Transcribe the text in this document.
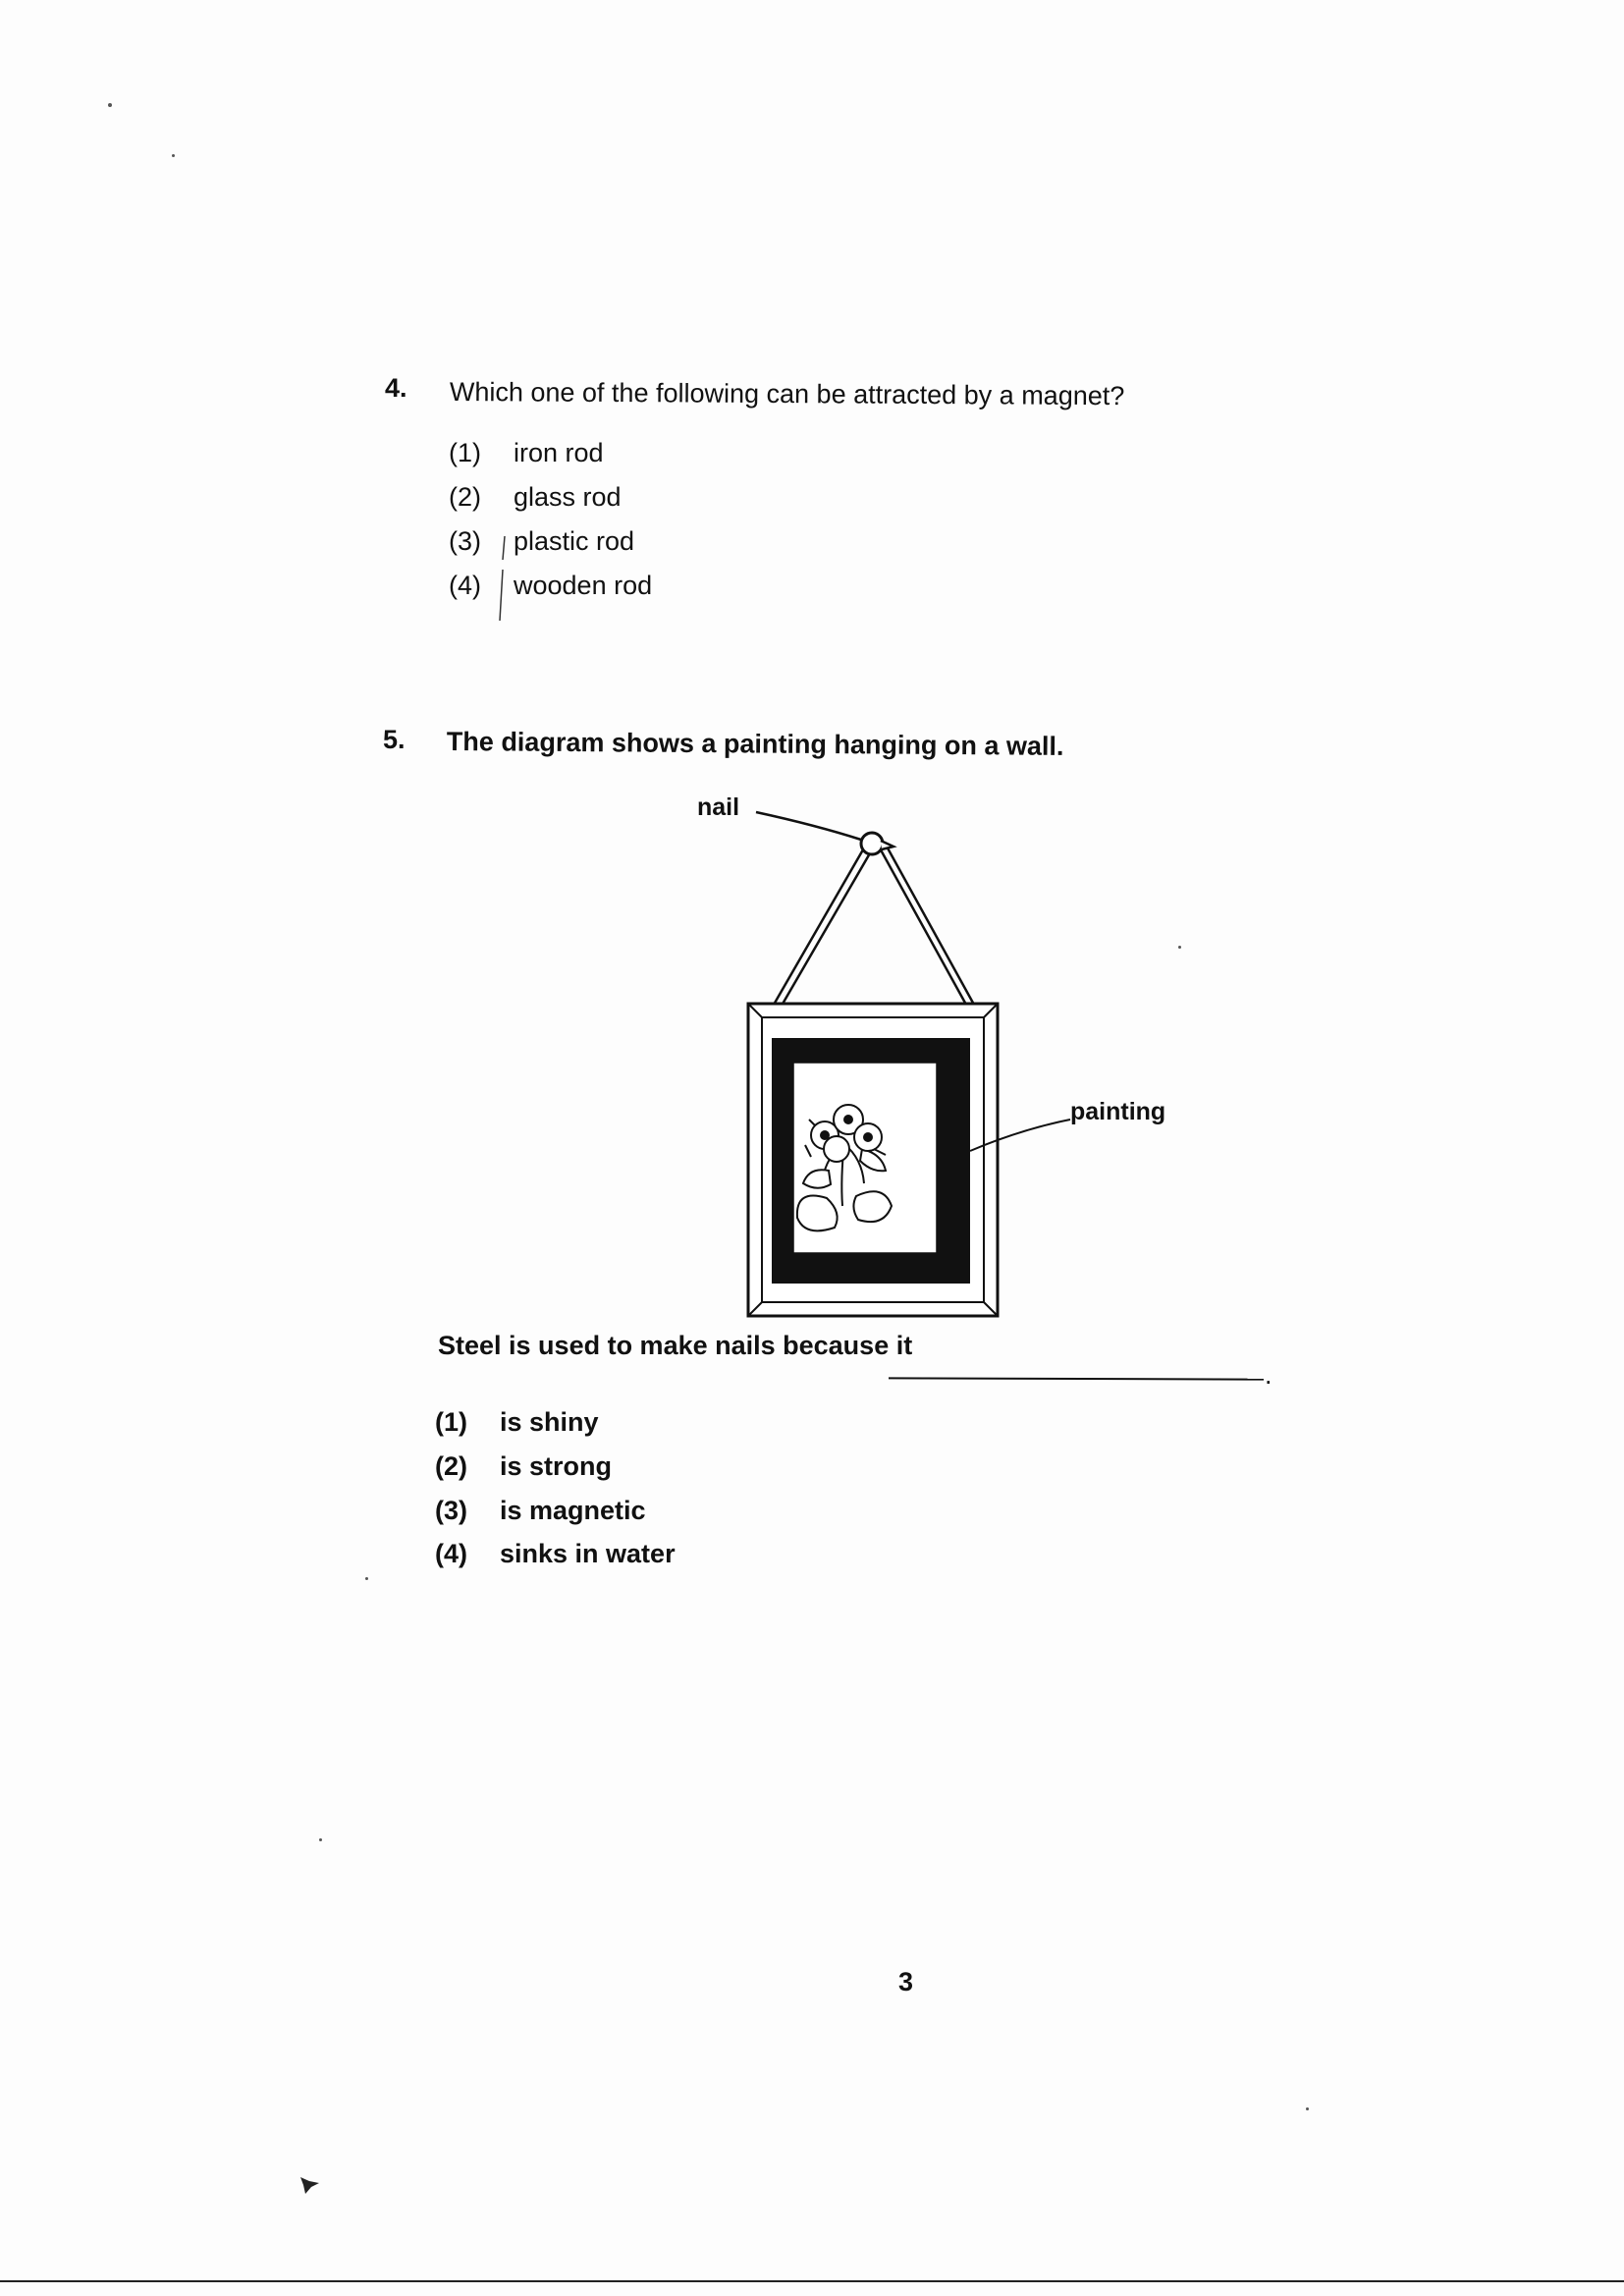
4. Which one of the following can be attracted by a magnet?
(1) iron rod
(2) glass rod
(3) plastic rod
(4) wooden rod
5. The diagram shows a painting hanging on a wall.
nail
painting
Steel is used to make nails because it
.
(1) is shiny
(2) is strong
(3) is magnetic
(4) sinks in water
3
